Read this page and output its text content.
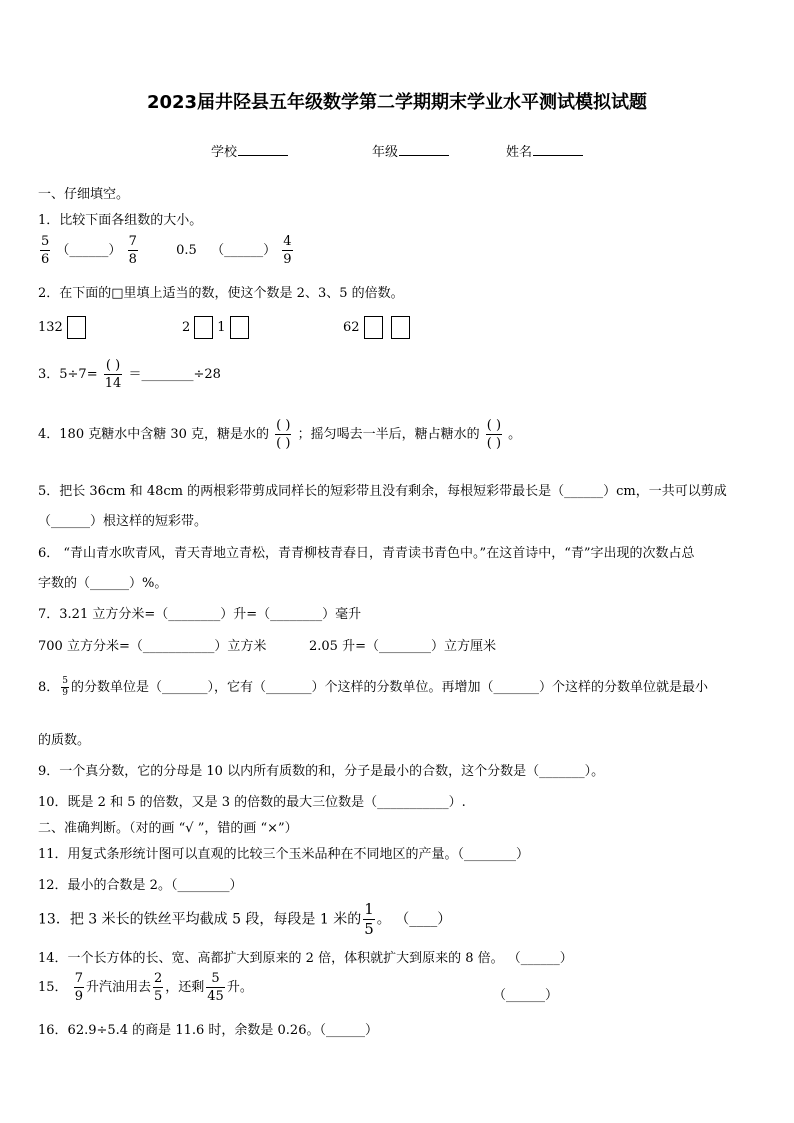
2023届井陉县五年级数学第二学期期末学业水平测试模拟试题
学校	年级	姓名
一、仔细填空。
1．比较下面各组数的大小。
$\frac{5}{6}$ （______） $\frac{7}{8}$	0.5 （______） $\frac{4}{9}$
2．在下面的□里填上适当的数，使这个数是 2、3、5 的倍数。
132	2 1	62
3．$5\div 7= \frac{( )}{14}$ ＝________÷28
4．180 克糖水中含糖 30 克，糖是水的 $\frac{( )}{( )}$ ；摇匀喝去一半后，糖占糖水的 $\frac{( )}{( )}$ 。
5．把长 36cm 和 48cm 的两根彩带剪成同样长的短彩带且没有剩余，每根短彩带最长是（______）cm，一共可以剪成
（______）根这样的短彩带。
6． “青山青水吹青风，青天青地立青松，青青柳枝青春日，青青读书青色中。”在这首诗中，“青”字出现的次数占总
字数的（______）%。
7．3.21 立方分米=（________）升=（________）毫升
700 立方分米=（___________）立方米	2.05 升=（________）立方厘米
8． $\frac{5}{9}$ 的分数单位是（_______），它有（_______）个这样的分数单位。再增加（_______）个这样的分数单位就是最小
的质数。
9．一个真分数，它的分母是 10 以内所有质数的和，分子是最小的合数，这个分数是（_______）。
10．既是 2 和 5 的倍数，又是 3 的倍数的最大三位数是（___________）.
二、准确判断。（对的画 “√ ”，错的画 “×”）
11．用复式条形统计图可以直观的比较三个玉米品种在不同地区的产量。（________）
12．最小的合数是 2。（________）
13．把 3 米长的铁丝平均截成 5 段，每段是 1 米的 $\frac{1}{5}$ 。 （____）
14．一个长方体的长、宽、高都扩大到原来的 2 倍，体积就扩大到原来的 8 倍。 （______）
15． $\frac{7}{9}$ 升汽油用去 $\frac{2}{5}$ ，还剩 $\frac{5}{45}$ 升。
（______）
16．62.9÷5.4 的商是 11.6 时，余数是 0.26。（______）
